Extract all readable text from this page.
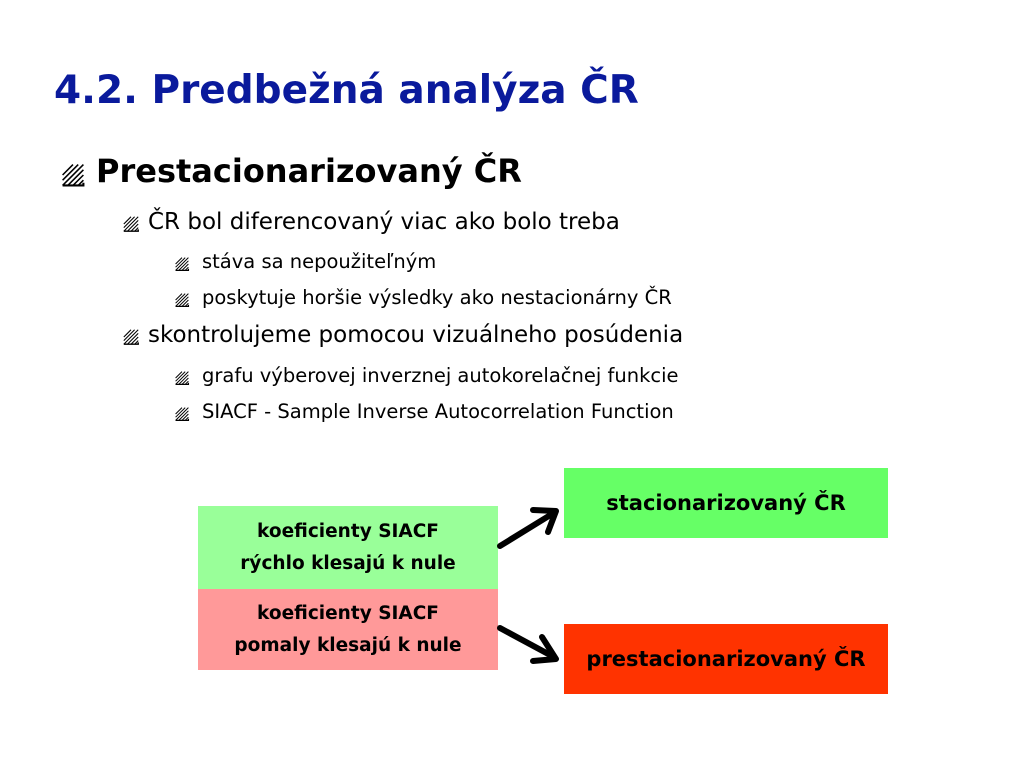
4.2. Predbežná analýza ČR
Prestacionarizovaný ČR
ČR bol diferencovaný viac ako bolo treba
stáva sa nepoužiteľným
poskytuje horšie výsledky ako nestacionárny ČR
skontrolujeme pomocou vizuálneho posúdenia
grafu výberovej inverznej autokorelačnej funkcie
SIACF - Sample Inverse Autocorrelation Function
koeficienty SIACF
rýchlo klesajú k nule
koeficienty SIACF
pomaly klesajú k nule
stacionarizovaný ČR
prestacionarizovaný ČR
